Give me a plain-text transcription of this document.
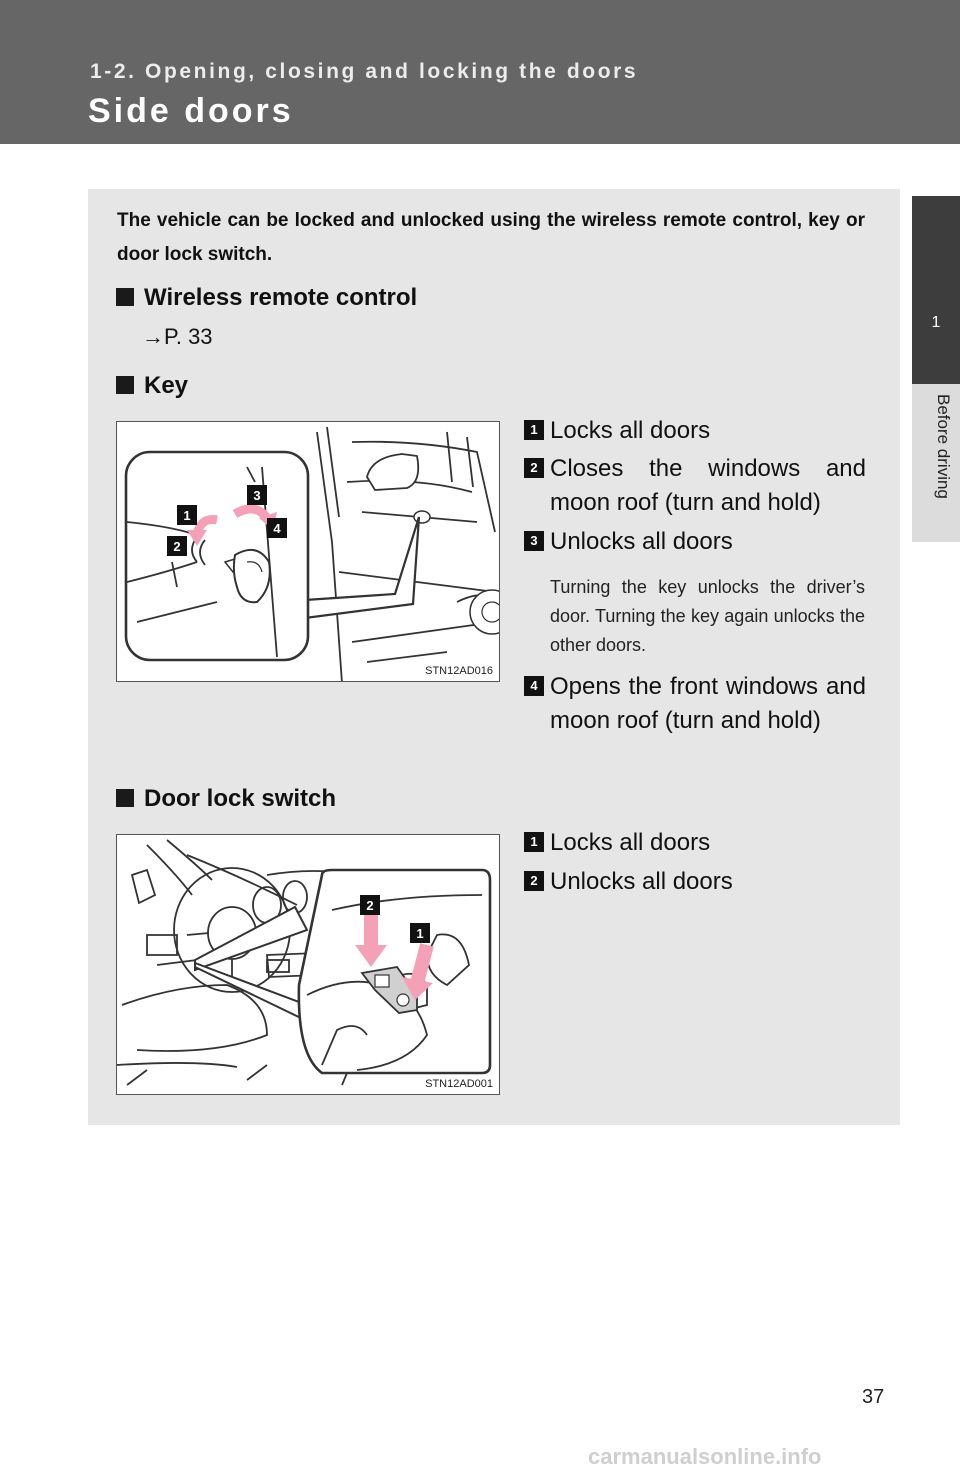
1-2. Opening, closing and locking the doors
Side doors
1
Before driving
The vehicle can be locked and unlocked using the wireless remote control, key or door lock switch.
Wireless remote control
→P. 33
Key
1
2
3
4
STN12AD016
1 Locks all doors
2 Closes the windows and moon roof (turn and hold)
3 Unlocks all doors
Turning the key unlocks the driver’s door. Turning the key again unlocks the other doors.
4 Opens the front windows and moon roof (turn and hold)
Door lock switch
2
1
STN12AD001
1 Locks all doors
2 Unlocks all doors
37
carmanualsonline.info
